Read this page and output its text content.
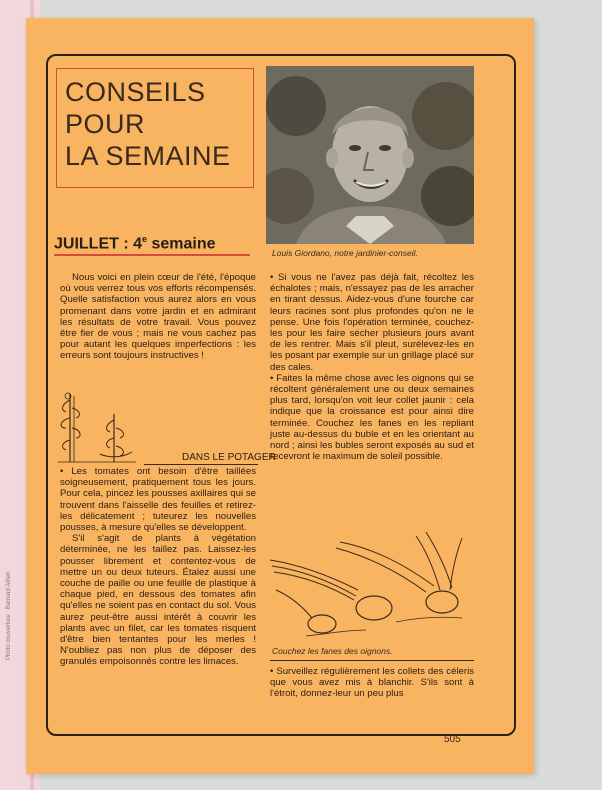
Photo couverture : Bernard Alfieri
CONSEILS
POUR
LA SEMAINE
Louis Giordano, notre jardinier-conseil.
JUILLET : 4e semaine

Nous voici en plein cœur de l'été, l'époque où vous verrez tous vos efforts récompensés. Quelle satisfaction vous aurez alors en vous promenant dans votre jardin et en admirant les résultats de votre travail. Vous pouvez être fier de vous ; mais ne vous cachez pas pour autant les quelques imperfections : les erreurs sont toujours instructives !

DANS LE POTAGER

• Les tomates ont besoin d'être taillées soigneusement, pratiquement tous les jours. Pour cela, pincez les pousses axillaires qui se trouvent dans l'aisselle des feuilles et retirez-les délicatement ; tuteurez les nouvelles pousses, à mesure qu'elles se développent.

S'il s'agit de plants à végétation déterminée, ne les taillez pas. Laissez-les pousser librement et contentez-vous de mettre un ou deux tuteurs. Étalez aussi une couche de paille ou une feuille de plastique à chaque pied, en dessous des tomates afin qu'elles ne soient pas en contact du sol. Vous aurez peut-être aussi intérêt à couvrir les plants avec un filet, car les tomates risquent d'être bien tentantes pour les merles ! N'oubliez pas non plus de déposer des granulés empoisonnés contre les limaces.

• Si vous ne l'avez pas déjà fait, récoltez les échalotes ; mais, n'essayez pas de les arracher en tirant dessus. Aidez-vous d'une fourche car leurs racines sont plus profondes qu'on ne le pense. Une fois l'opération terminée, couchez-les pour les faire sécher plusieurs jours avant de les rentrer. Mais s'il pleut, surélevez-les en les posant par exemple sur un grillage placé sur des cales.

• Faites la même chose avec les oignons qui se récoltent généralement une ou deux semaines plus tard, lorsqu'on voit leur collet jaunir : cela indique que la croissance est pour ainsi dire terminée. Couchez les fanes en les repliant juste au-dessus du buble et en les orientant au nord ; ainsi les bubles seront exposés au sud et recevront le maximum de soleil possible.

Couchez les fanes des oignons.

• Surveillez régulièrement les collets des céleris que vous avez mis à blanchir. S'ils sont à l'étroit, donnez-leur un peu plus

505
